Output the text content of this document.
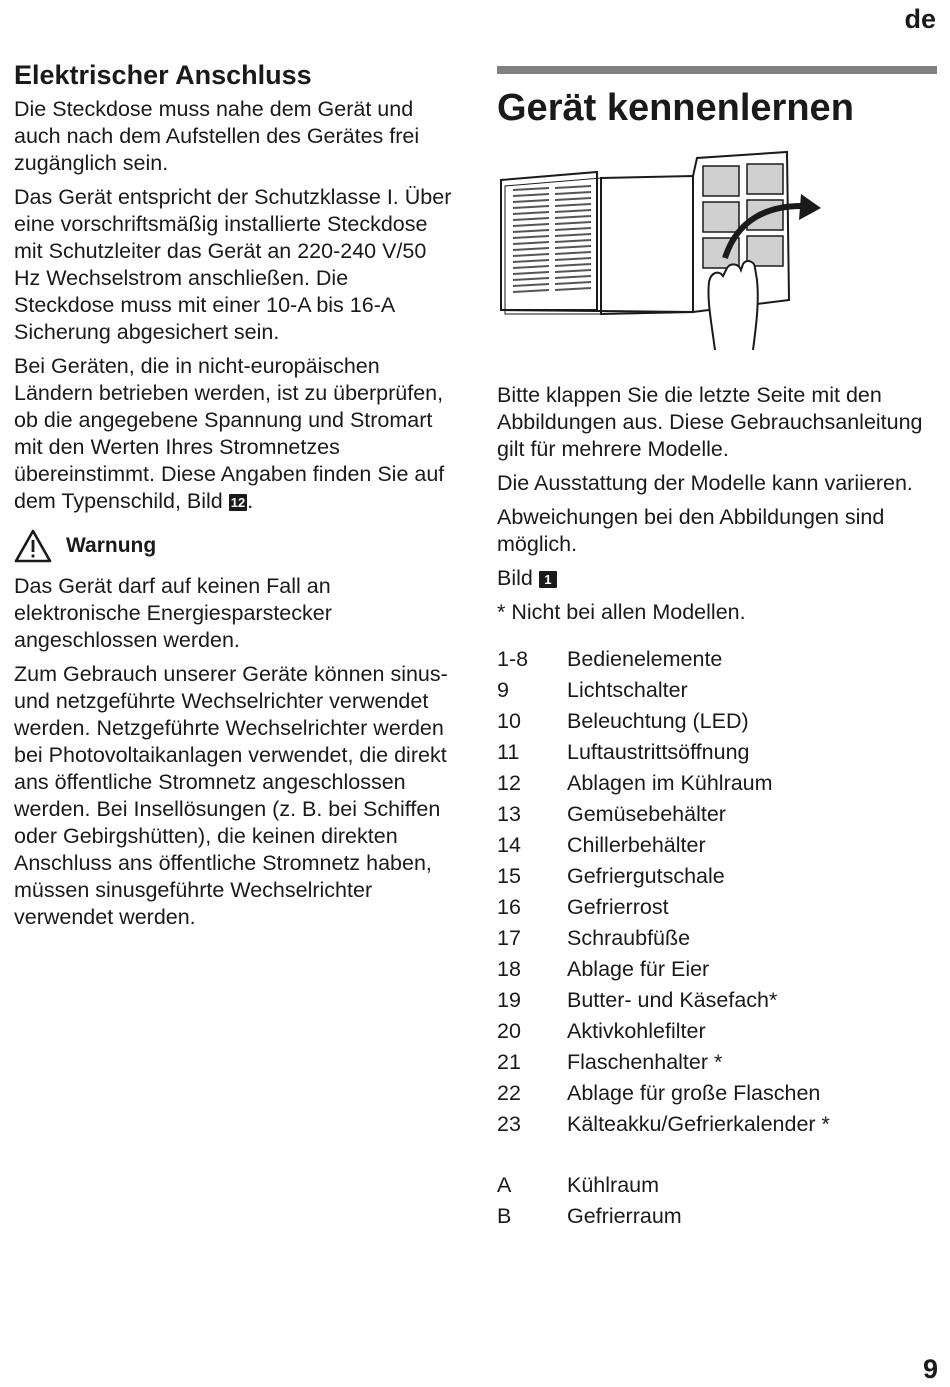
de
Elektrischer Anschluss

Die Steckdose muss nahe dem Gerät und auch nach dem Aufstellen des Gerätes frei zugänglich sein.

Das Gerät entspricht der Schutzklasse I. Über eine vorschriftsmäßig installierte Steckdose mit Schutzleiter das Gerät an 220-240 V/50 Hz Wechselstrom anschließen. Die Steckdose muss mit einer 10-A bis 16-A Sicherung abgesichert sein.

Bei Geräten, die in nicht-europäischen Ländern betrieben werden, ist zu überprüfen, ob die angegebene Spannung und Stromart mit den Werten Ihres Stromnetzes übereinstimmt. Diese Angaben finden Sie auf dem Typenschild, Bild 12.

Warnung

Das Gerät darf auf keinen Fall an elektronische Energiesparstecker angeschlossen werden.

Zum Gebrauch unserer Geräte können sinus- und netzgeführte Wechselrichter verwendet werden. Netzgeführte Wechselrichter werden bei Photovoltaikanlagen verwendet, die direkt ans öffentliche Stromnetz angeschlossen werden. Bei Insellösungen (z. B. bei Schiffen oder Gebirgshütten), die keinen direkten Anschluss ans öffentliche Stromnetz haben, müssen sinusgeführte Wechselrichter verwendet werden.

Gerät kennenlernen

Bitte klappen Sie die letzte Seite mit den Abbildungen aus. Diese Gebrauchsanleitung gilt für mehrere Modelle.

Die Ausstattung der Modelle kann variieren.

Abweichungen bei den Abbildungen sind möglich.

Bild 1

* Nicht bei allen Modellen.

1-8	Bedienelemente
9	Lichtschalter
10	Beleuchtung (LED)
11	Luftaustrittsöffnung
12	Ablagen im Kühlraum
13	Gemüsebehälter
14	Chillerbehälter
15	Gefriergutschale
16	Gefrierrost
17	Schraubfüße
18	Ablage für Eier
19	Butter- und Käsefach*
20	Aktivkohlefilter
21	Flaschenhalter *
22	Ablage für große Flaschen
23	Kälteakku/Gefrierkalender *
A	Kühlraum
B	Gefrierraum
9
